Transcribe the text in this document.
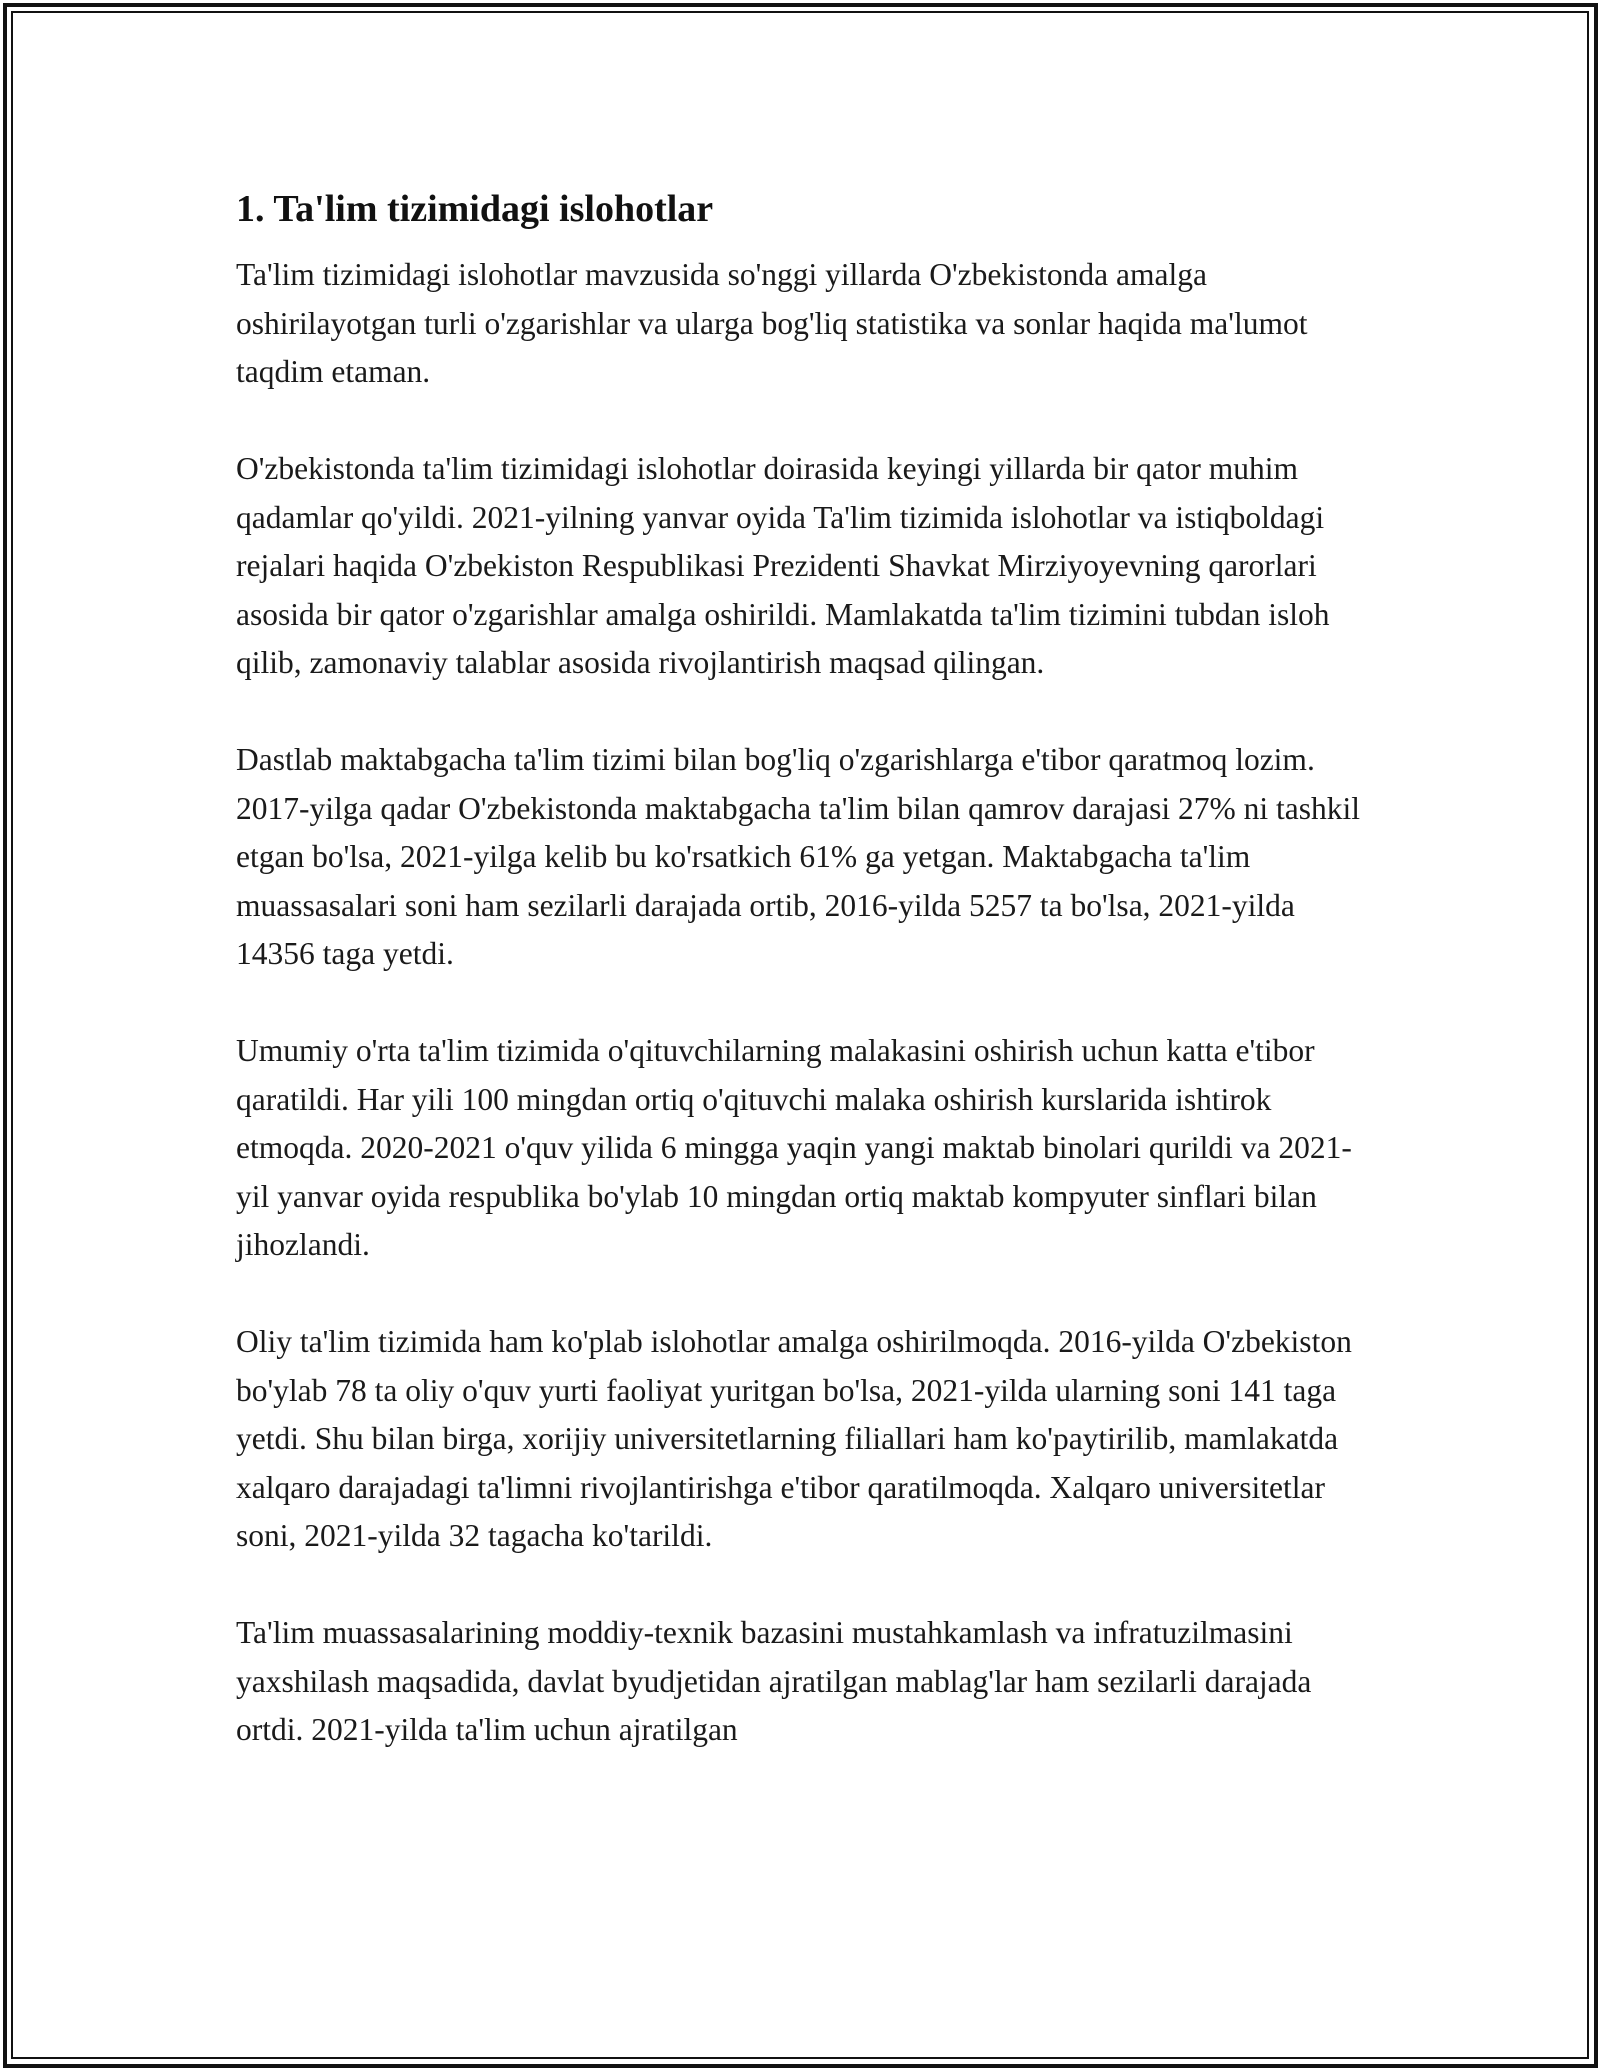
1. Ta'lim tizimidagi islohotlar

Ta'lim tizimidagi islohotlar mavzusida so'nggi yillarda O'zbekistonda amalga oshirilayotgan turli o'zgarishlar va ularga bog'liq statistika va sonlar haqida ma'lumot taqdim etaman.

O'zbekistonda ta'lim tizimidagi islohotlar doirasida keyingi yillarda bir qator muhim qadamlar qo'yildi. 2021-yilning yanvar oyida Ta'lim tizimida islohotlar va istiqboldagi rejalari haqida O'zbekiston Respublikasi Prezidenti Shavkat Mirziyoyevning qarorlari asosida bir qator o'zgarishlar amalga oshirildi. Mamlakatda ta'lim tizimini tubdan isloh qilib, zamonaviy talablar asosida rivojlantirish maqsad qilingan.

Dastlab maktabgacha ta'lim tizimi bilan bog'liq o'zgarishlarga e'tibor qaratmoq lozim. 2017-yilga qadar O'zbekistonda maktabgacha ta'lim bilan qamrov darajasi 27% ni tashkil etgan bo'lsa, 2021-yilga kelib bu ko'rsatkich 61% ga yetgan. Maktabgacha ta'lim muassasalari soni ham sezilarli darajada ortib, 2016-yilda 5257 ta bo'lsa, 2021-yilda 14356 taga yetdi.

Umumiy o'rta ta'lim tizimida o'qituvchilarning malakasini oshirish uchun katta e'tibor qaratildi. Har yili 100 mingdan ortiq o'qituvchi malaka oshirish kurslarida ishtirok etmoqda. 2020-2021 o'quv yilida 6 mingga yaqin yangi maktab binolari qurildi va 2021-yil yanvar oyida respublika bo'ylab 10 mingdan ortiq maktab kompyuter sinflari bilan jihozlandi.

Oliy ta'lim tizimida ham ko'plab islohotlar amalga oshirilmoqda. 2016-yilda O'zbekiston bo'ylab 78 ta oliy o'quv yurti faoliyat yuritgan bo'lsa, 2021-yilda ularning soni 141 taga yetdi. Shu bilan birga, xorijiy universitetlarning filiallari ham ko'paytirilib, mamlakatda xalqaro darajadagi ta'limni rivojlantirishga e'tibor qaratilmoqda. Xalqaro universitetlar soni, 2021-yilda 32 tagacha ko'tarildi.

Ta'lim muassasalarining moddiy-texnik bazasini mustahkamlash va infratuzilmasini yaxshilash maqsadida, davlat byudjetidan ajratilgan mablag'lar ham sezilarli darajada ortdi. 2021-yilda ta'lim uchun ajratilgan
